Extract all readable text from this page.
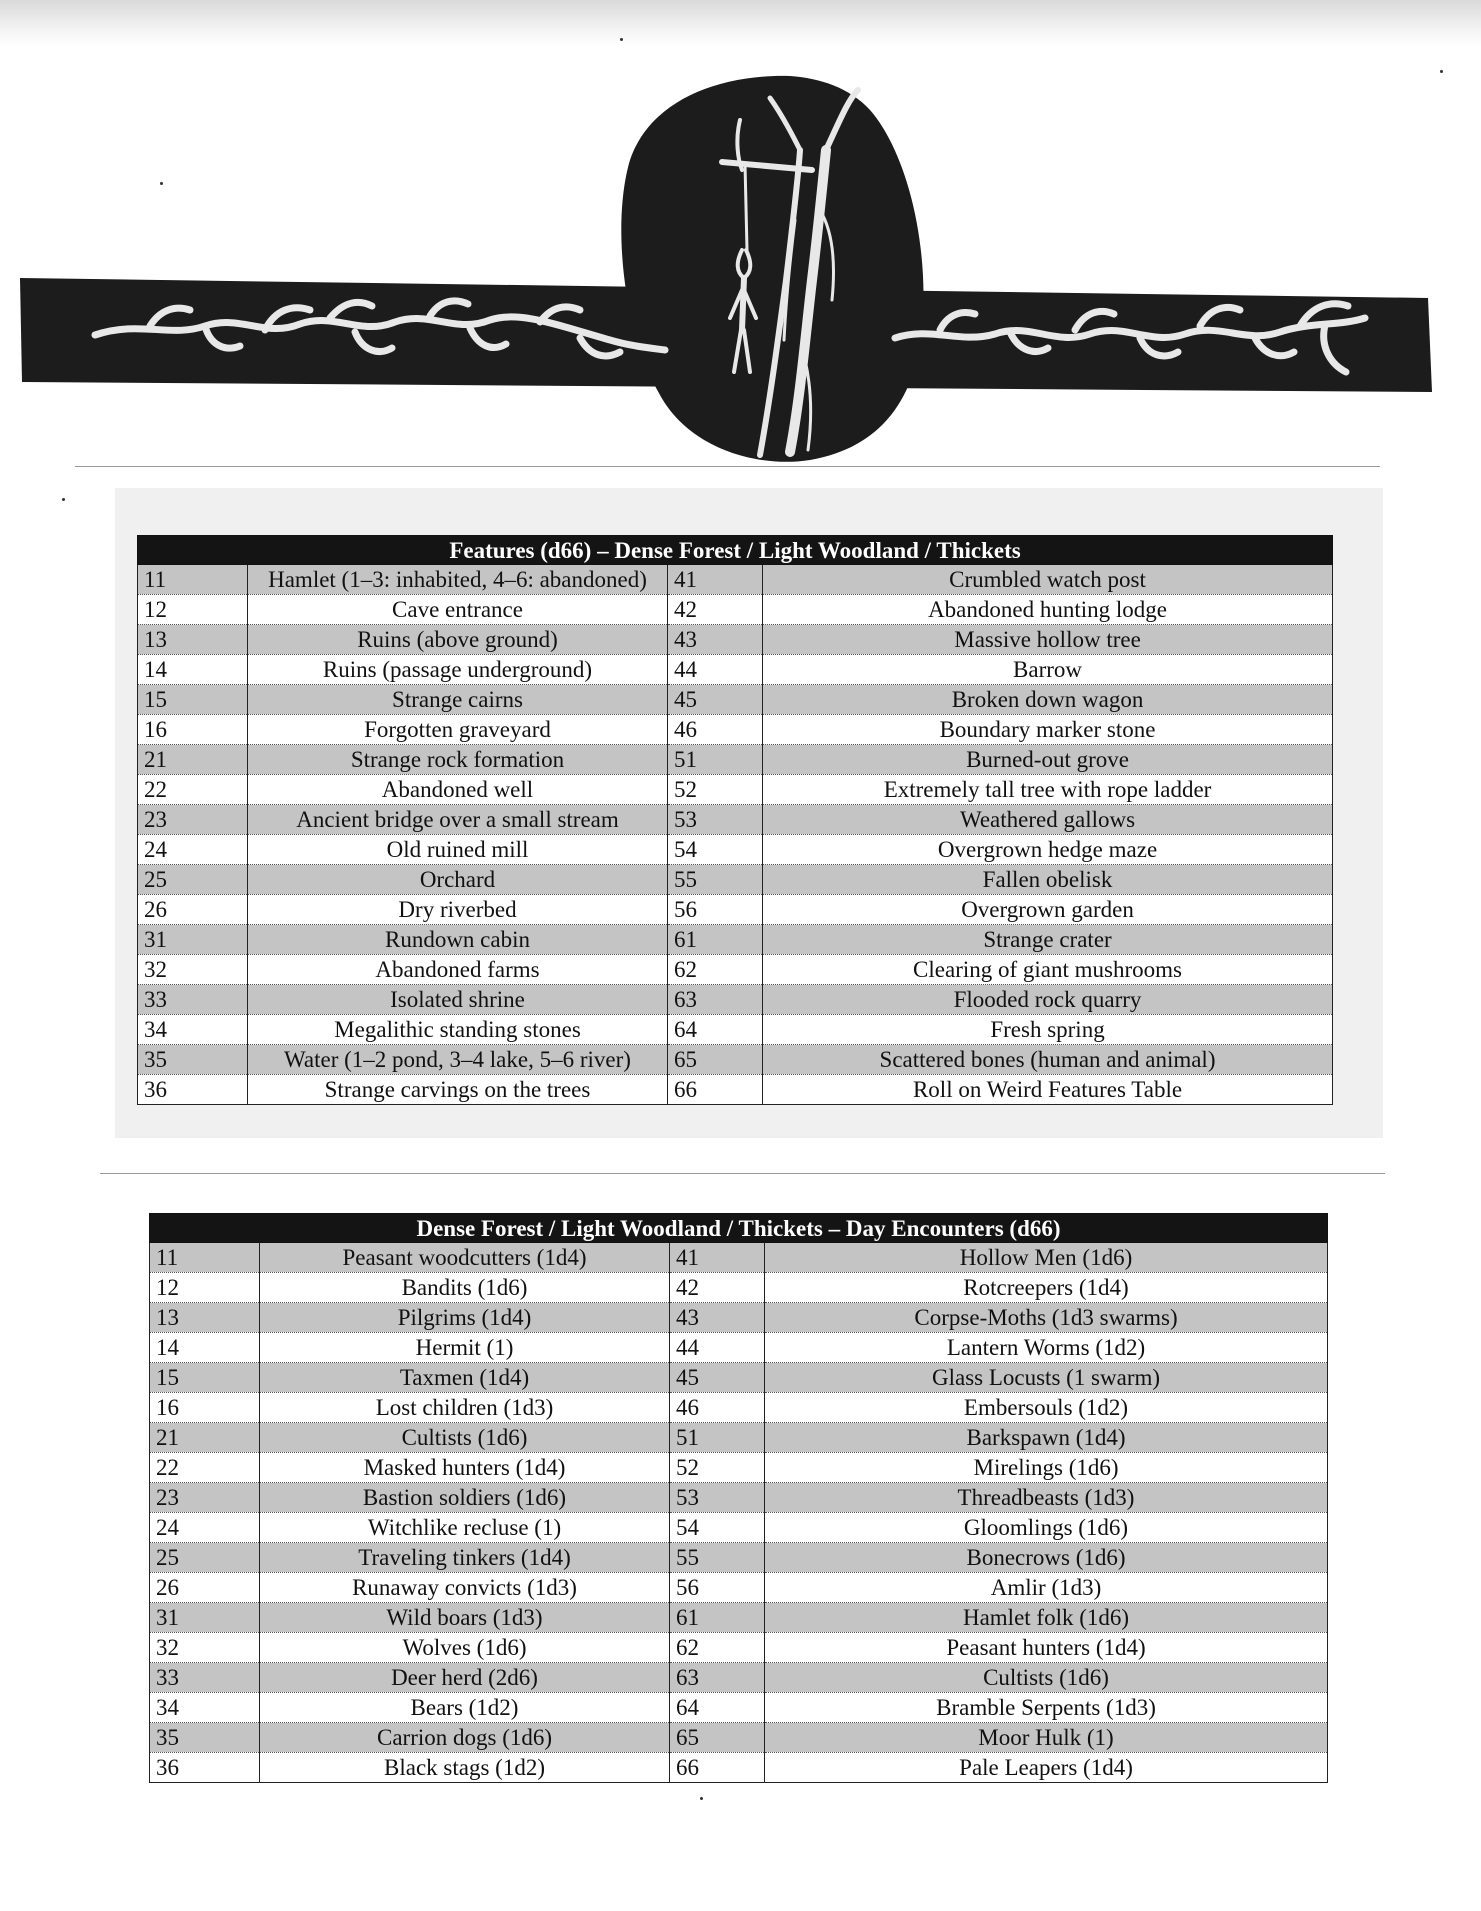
Features (d66) – Dense Forest / Light Woodland / Thickets			
11	Hamlet (1–3: inhabited, 4–6: abandoned)	41	Crumbled watch post
12	Cave entrance	42	Abandoned hunting lodge
13	Ruins (above ground)	43	Massive hollow tree
14	Ruins (passage underground)	44	Barrow
15	Strange cairns	45	Broken down wagon
16	Forgotten graveyard	46	Boundary marker stone
21	Strange rock formation	51	Burned-out grove
22	Abandoned well	52	Extremely tall tree with rope ladder
23	Ancient bridge over a small stream	53	Weathered gallows
24	Old ruined mill	54	Overgrown hedge maze
25	Orchard	55	Fallen obelisk
26	Dry riverbed	56	Overgrown garden
31	Rundown cabin	61	Strange crater
32	Abandoned farms	62	Clearing of giant mushrooms
33	Isolated shrine	63	Flooded rock quarry
34	Megalithic standing stones	64	Fresh spring
35	Water (1–2 pond, 3–4 lake, 5–6 river)	65	Scattered bones (human and animal)
36	Strange carvings on the trees	66	Roll on Weird Features Table
Dense Forest / Light Woodland / Thickets – Day Encounters (d66)			
11	Peasant woodcutters (1d4)	41	Hollow Men (1d6)
12	Bandits (1d6)	42	Rotcreepers (1d4)
13	Pilgrims (1d4)	43	Corpse-Moths (1d3 swarms)
14	Hermit (1)	44	Lantern Worms (1d2)
15	Taxmen (1d4)	45	Glass Locusts (1 swarm)
16	Lost children (1d3)	46	Embersouls (1d2)
21	Cultists (1d6)	51	Barkspawn (1d4)
22	Masked hunters (1d4)	52	Mirelings (1d6)
23	Bastion soldiers (1d6)	53	Threadbeasts (1d3)
24	Witchlike recluse (1)	54	Gloomlings (1d6)
25	Traveling tinkers (1d4)	55	Bonecrows (1d6)
26	Runaway convicts (1d3)	56	Amlir (1d3)
31	Wild boars (1d3)	61	Hamlet folk (1d6)
32	Wolves (1d6)	62	Peasant hunters (1d4)
33	Deer herd (2d6)	63	Cultists (1d6)
34	Bears (1d2)	64	Bramble Serpents (1d3)
35	Carrion dogs (1d6)	65	Moor Hulk (1)
36	Black stags (1d2)	66	Pale Leapers (1d4)
